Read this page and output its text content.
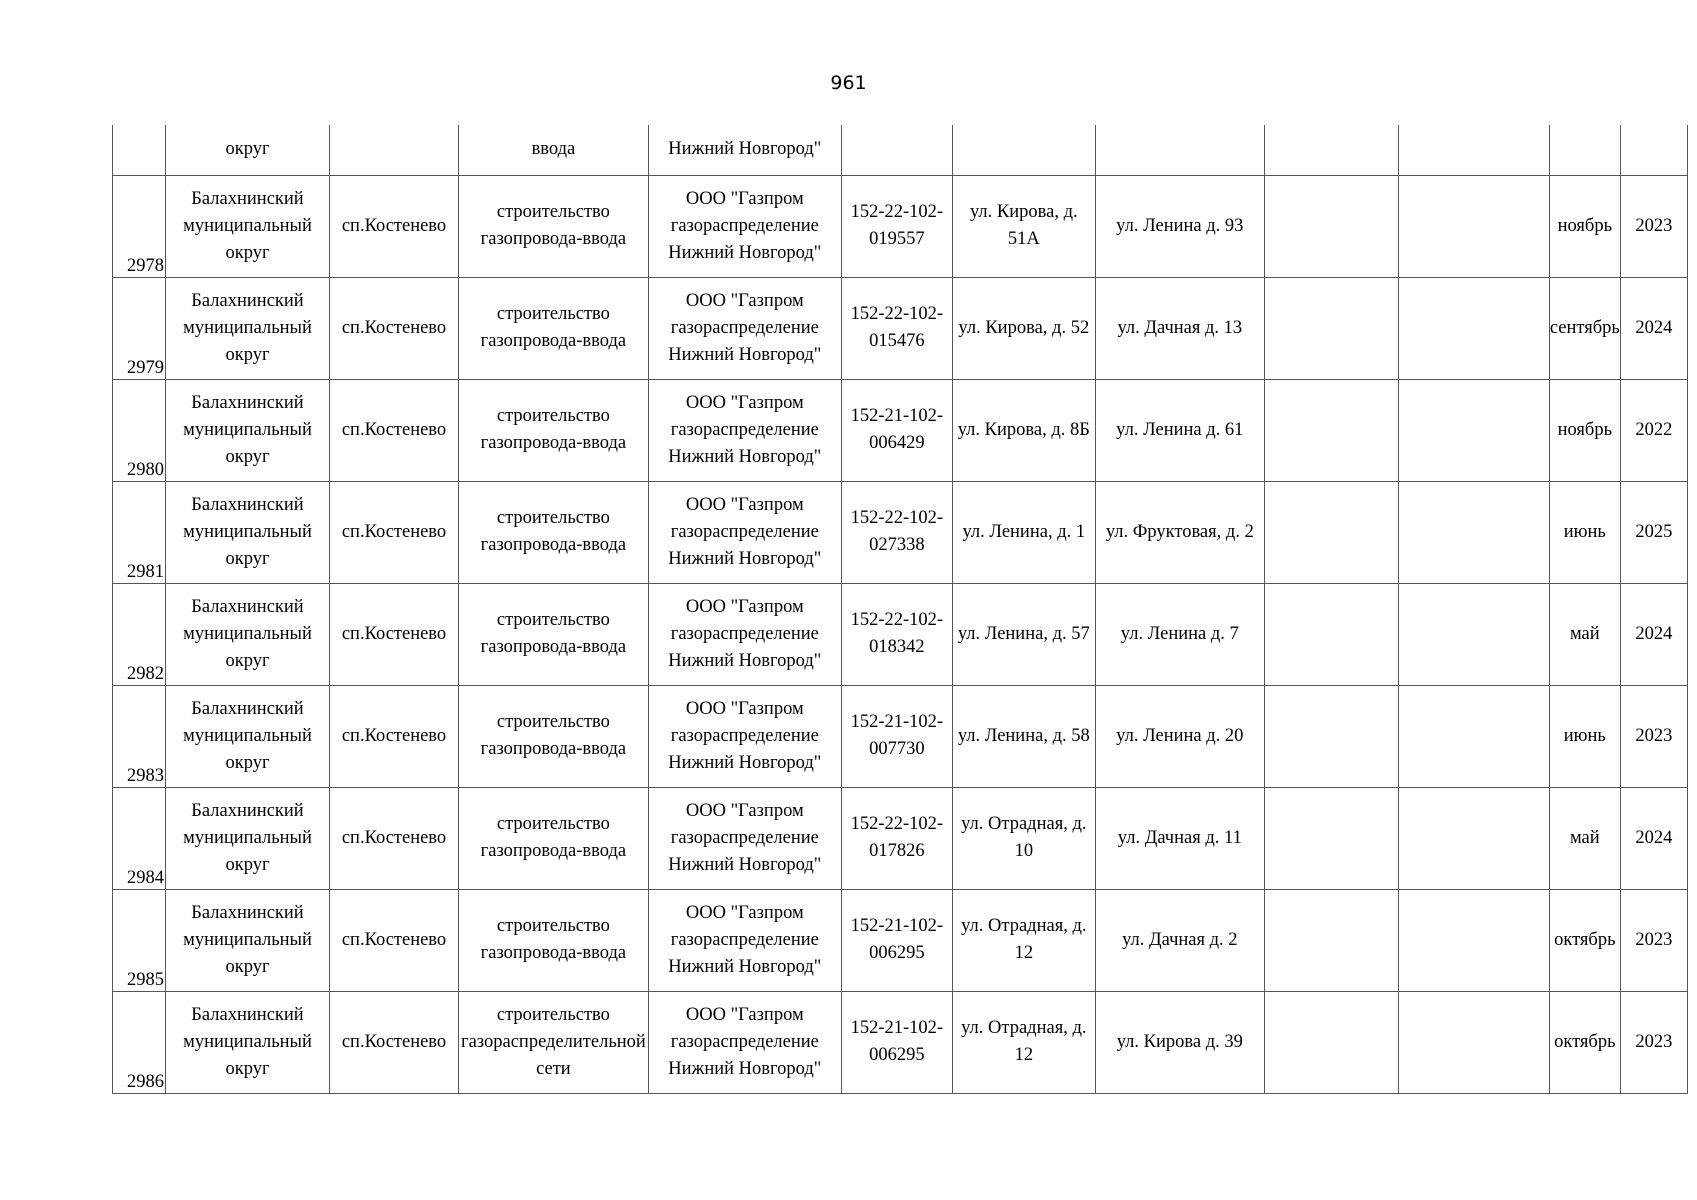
961
	округ		ввода	Нижний Новгород"							
2978	Балахнинский муниципальный округ	сп.Костенево	строительство газопровода-ввода	ООО "Газпром газораспределение Нижний Новгород"	152-22-102-019557	ул. Кирова, д. 51А	ул. Ленина д. 93			ноябрь	2023
2979	Балахнинский муниципальный округ	сп.Костенево	строительство газопровода-ввода	ООО "Газпром газораспределение Нижний Новгород"	152-22-102-015476	ул. Кирова, д. 52	ул. Дачная д. 13			сентябрь	2024
2980	Балахнинский муниципальный округ	сп.Костенево	строительство газопровода-ввода	ООО "Газпром газораспределение Нижний Новгород"	152-21-102-006429	ул. Кирова, д. 8Б	ул. Ленина д. 61			ноябрь	2022
2981	Балахнинский муниципальный округ	сп.Костенево	строительство газопровода-ввода	ООО "Газпром газораспределение Нижний Новгород"	152-22-102-027338	ул. Ленина, д. 1	ул. Фруктовая, д. 2			июнь	2025
2982	Балахнинский муниципальный округ	сп.Костенево	строительство газопровода-ввода	ООО "Газпром газораспределение Нижний Новгород"	152-22-102-018342	ул. Ленина, д. 57	ул. Ленина д. 7			май	2024
2983	Балахнинский муниципальный округ	сп.Костенево	строительство газопровода-ввода	ООО "Газпром газораспределение Нижний Новгород"	152-21-102-007730	ул. Ленина, д. 58	ул. Ленина д. 20			июнь	2023
2984	Балахнинский муниципальный округ	сп.Костенево	строительство газопровода-ввода	ООО "Газпром газораспределение Нижний Новгород"	152-22-102-017826	ул. Отрадная, д. 10	ул. Дачная д. 11			май	2024
2985	Балахнинский муниципальный округ	сп.Костенево	строительство газопровода-ввода	ООО "Газпром газораспределение Нижний Новгород"	152-21-102-006295	ул. Отрадная, д. 12	ул. Дачная д. 2			октябрь	2023
2986	Балахнинский муниципальный округ	сп.Костенево	строительство газораспределительной сети	ООО "Газпром газораспределение Нижний Новгород"	152-21-102-006295	ул. Отрадная, д. 12	ул. Кирова д. 39			октябрь	2023
